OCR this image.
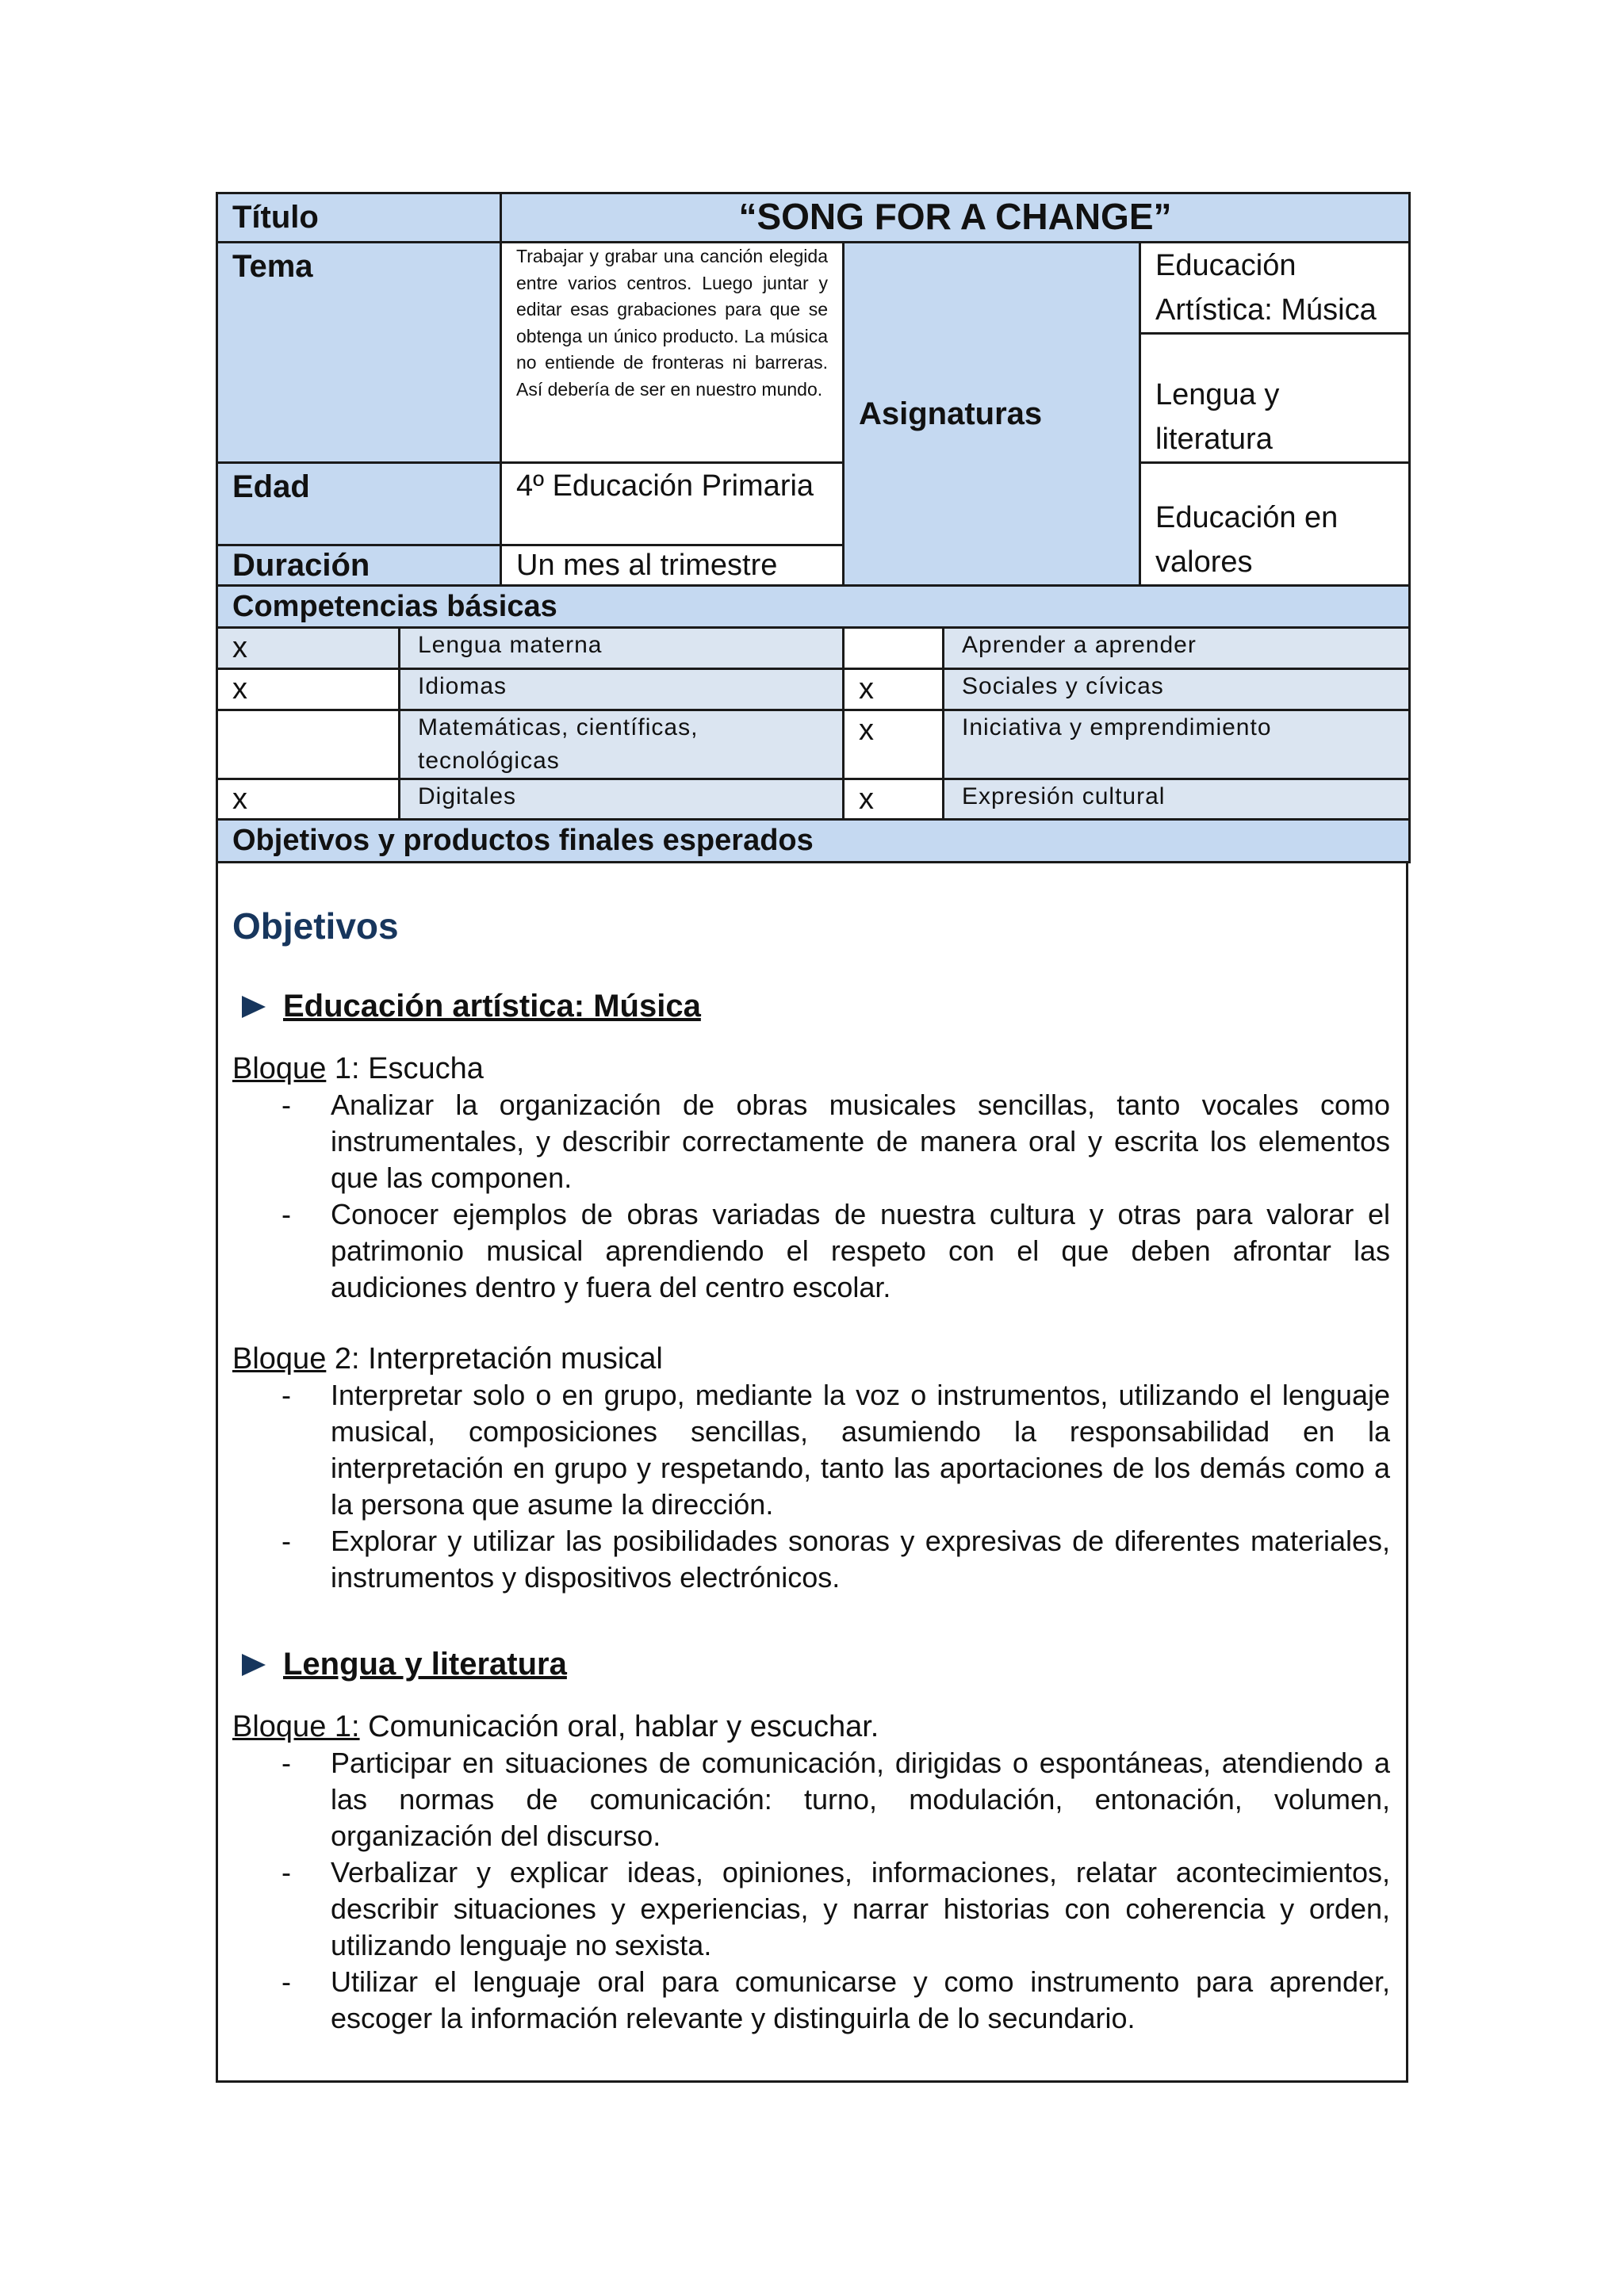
Título	“SONG FOR A CHANGE”		
Tema	Trabajar y grabar una canción elegida entre varios centros. Luego juntar y editar esas grabaciones para que se obtenga un único producto. La música no entiende de fronteras ni barreras. Así debería de ser en nuestro mundo.	Asignaturas	Educación Artística: Música
			Lengua y literatura
Edad	4º Educación Primaria		Educación en valores

Duración	Un mes al trimestre		
Competencias básicas			
x	Lengua materna		Aprender a aprender
x	Idiomas	x	Sociales y cívicas
	Matemáticas, científicas, tecnológicas	x	Iniciativa y emprendimiento
x	Digitales	x	Expresión cultural
Objetivos y productos finales esperados			
Objetivos
Educación artística: Música
Bloque 1: Escucha
- Analizar la organización de obras musicales sencillas, tanto vocales como instrumentales, y describir correctamente de manera oral y escrita los elementos que las componen.
- Conocer ejemplos de obras variadas de nuestra cultura y otras para valorar el patrimonio musical aprendiendo el respeto con el que deben afrontar las audiciones dentro y fuera del centro escolar.
Bloque 2: Interpretación musical
- Interpretar solo o en grupo, mediante la voz o instrumentos, utilizando el lenguaje musical, composiciones sencillas, asumiendo la responsabilidad en la interpretación en grupo y respetando, tanto las aportaciones de los demás como a la persona que asume la dirección.
- Explorar y utilizar las posibilidades sonoras y expresivas de diferentes materiales, instrumentos y dispositivos electrónicos.
Lengua y literatura
Bloque 1: Comunicación oral, hablar y escuchar.
- Participar en situaciones de comunicación, dirigidas o espontáneas, atendiendo a las normas de comunicación: turno, modulación, entonación, volumen, organización del discurso.
- Verbalizar y explicar ideas, opiniones, informaciones, relatar acontecimientos, describir situaciones y experiencias, y narrar historias con coherencia y orden, utilizando lenguaje no sexista.
- Utilizar el lenguaje oral para comunicarse y como instrumento para aprender, escoger la información relevante y distinguirla de lo secundario.
